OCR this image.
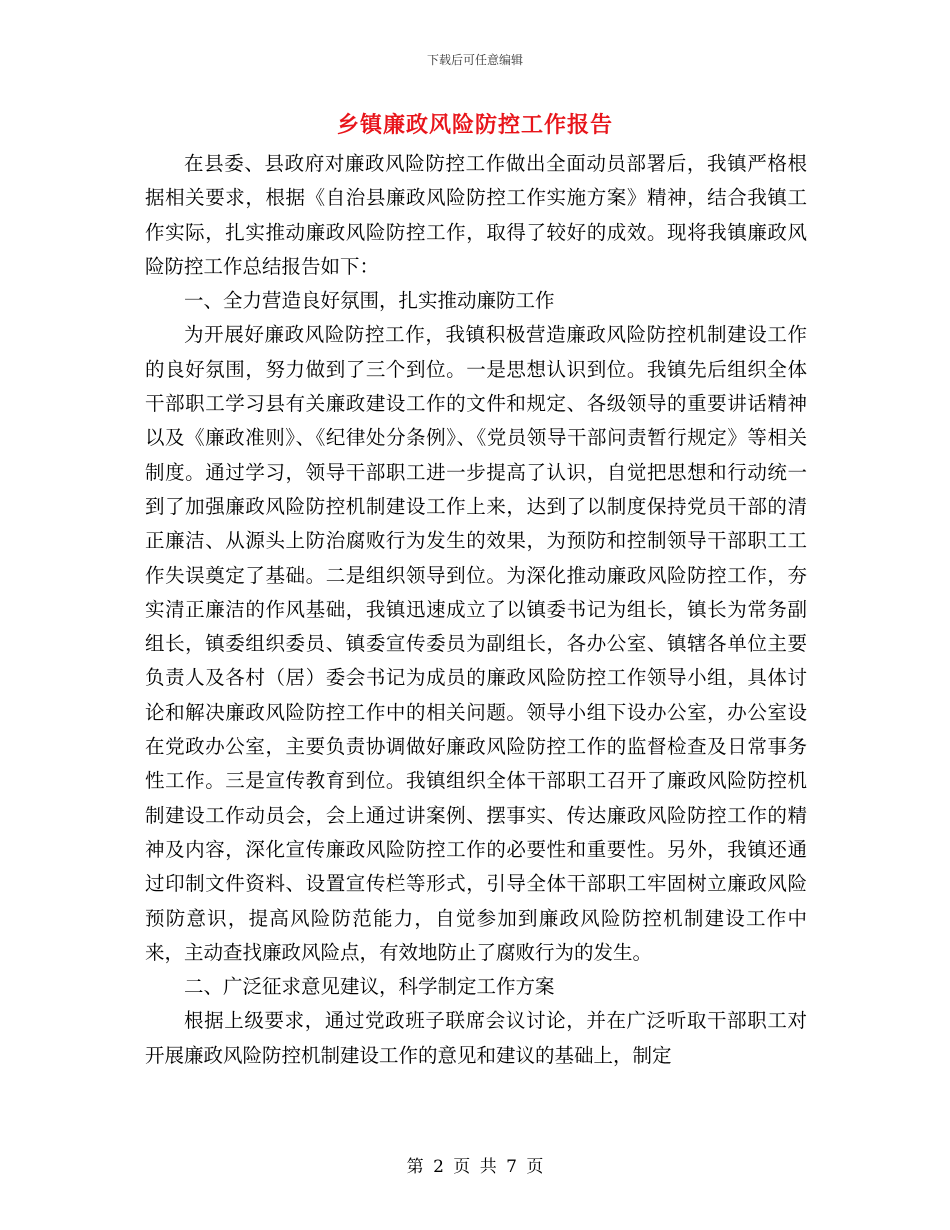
下载后可任意编辑
乡镇廉政风险防控工作报告

在县委、县政府对廉政风险防控工作做出全面动员部署后，我镇严格根据相关要求，根据《自治县廉政风险防控工作实施方案》精神，结合我镇工作实际，扎实推动廉政风险防控工作，取得了较好的成效。现将我镇廉政风险防控工作总结报告如下：

一、全力营造良好氛围，扎实推动廉防工作

为开展好廉政风险防控工作，我镇积极营造廉政风险防控机制建设工作的良好氛围，努力做到了三个到位。一是思想认识到位。我镇先后组织全体干部职工学习县有关廉政建设工作的文件和规定、各级领导的重要讲话精神以及《廉政准则》、《纪律处分条例》、《党员领导干部问责暂行规定》等相关制度。通过学习，领导干部职工进一步提高了认识，自觉把思想和行动统一到了加强廉政风险防控机制建设工作上来，达到了以制度保持党员干部的清正廉洁、从源头上防治腐败行为发生的效果，为预防和控制领导干部职工工作失误奠定了基础。二是组织领导到位。为深化推动廉政风险防控工作，夯实清正廉洁的作风基础，我镇迅速成立了以镇委书记为组长，镇长为常务副组长，镇委组织委员、镇委宣传委员为副组长，各办公室、镇辖各单位主要负责人及各村（居）委会书记为成员的廉政风险防控工作领导小组，具体讨论和解决廉政风险防控工作中的相关问题。领导小组下设办公室，办公室设在党政办公室，主要负责协调做好廉政风险防控工作的监督检查及日常事务性工作。三是宣传教育到位。我镇组织全体干部职工召开了廉政风险防控机制建设工作动员会，会上通过讲案例、摆事实、传达廉政风险防控工作的精神及内容，深化宣传廉政风险防控工作的必要性和重要性。另外，我镇还通过印制文件资料、设置宣传栏等形式，引导全体干部职工牢固树立廉政风险预防意识，提高风险防范能力，自觉参加到廉政风险防控机制建设工作中来，主动查找廉政风险点，有效地防止了腐败行为的发生。

二、广泛征求意见建议，科学制定工作方案

根据上级要求，通过党政班子联席会议讨论，并在广泛听取干部职工对开展廉政风险防控机制建设工作的意见和建议的基础上，制定

第 2 页 共 7 页
